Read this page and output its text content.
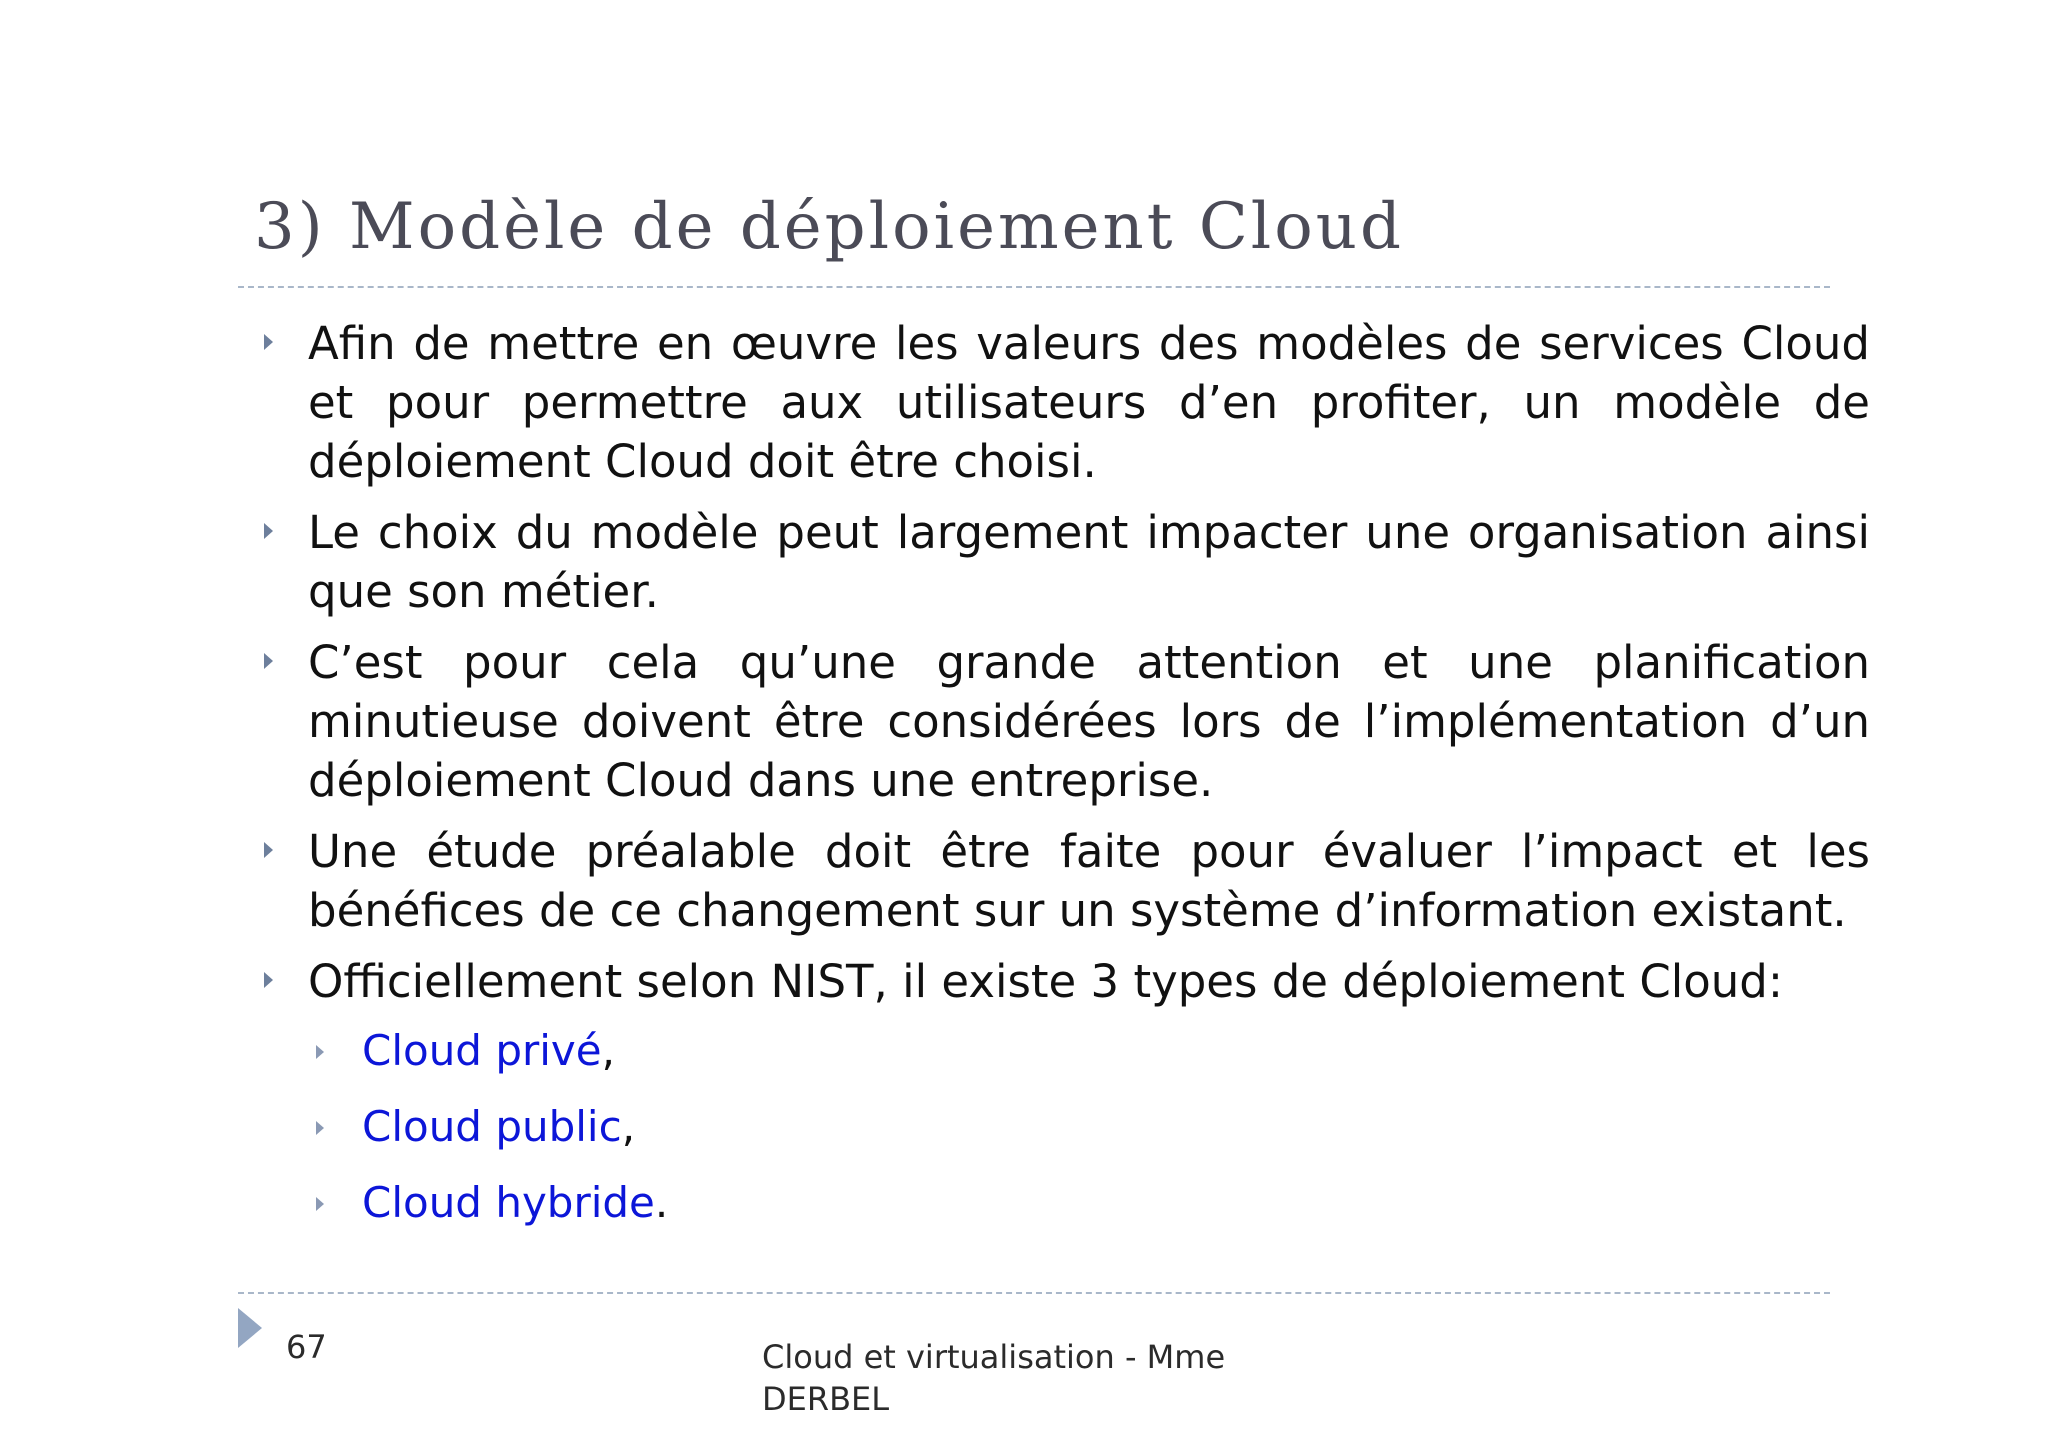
3) Modèle de déploiement Cloud

Afin de mettre en œuvre les valeurs des modèles de services Cloud et pour permettre aux utilisateurs d’en profiter, un modèle de déploiement Cloud doit être choisi.

Le choix du modèle peut largement impacter une organisation ainsi que son métier.

C’est pour cela qu’une grande attention et une planification minutieuse doivent être considérées lors de l’implémentation d’un déploiement Cloud dans une entreprise.

Une étude préalable doit être faite pour évaluer l’impact et les bénéfices de ce changement sur un système d’information existant.

Officiellement selon NIST, il existe 3 types de déploiement Cloud:

Cloud privé,

Cloud public,

Cloud hybride.

67	Cloud et virtualisation - Mme DERBEL
